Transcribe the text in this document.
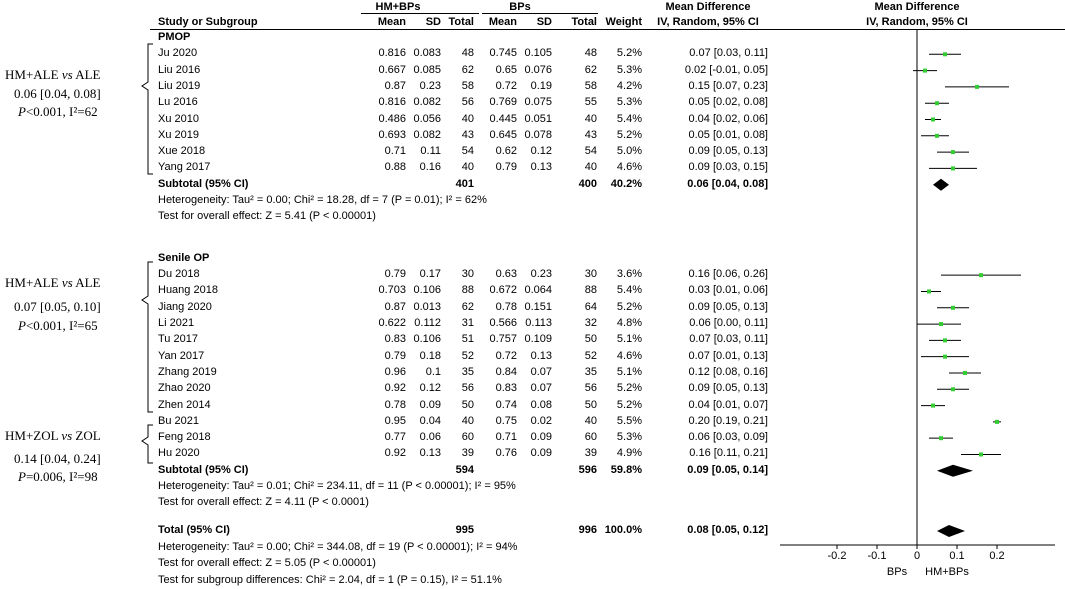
HM+BPs	BPs	Mean Difference	Mean Difference
Study or Subgroup	Mean SD Total Mean SD Total Weight	IV, Random, 95% CI	IV, Random, 95% CI
PMOP
Ju 2020	0.816 0.083 48 0.745 0.105	48 5.2%	0.07 [0.03, 0.11]
Liu 2016	0.667 0.085 62 0.65 0.076	62 5.3%	0.02 [-0.01, 0.05]
Liu 2019	0.87 0.23 58 0.72 0.19	58 4.2%	0.15 [0.07, 0.23]
Lu 2016	0.816 0.082 56 0.769 0.075	55 5.3%	0.05 [0.02, 0.08]
Xu 2010	0.486 0.056 40 0.445 0.051	40 5.4%	0.04 [0.02, 0.06]
Xu 2019	0.693 0.082 43 0.645 0.078	43 5.2%	0.05 [0.01, 0.08]
Xue 2018	0.71 0.11 54 0.62 0.12	54 5.0%	0.09 [0.05, 0.13]
Yang 2017	0.88 0.16 40 0.79 0.13	40 4.6%	0.09 [0.03, 0.15]
Subtotal (95% CI)	401	400 40.2%	0.06 [0.04, 0.08]
Heterogeneity: Tau² = 0.00; Chi² = 18.28, df = 7 (P = 0.01); I² = 62%
Test for overall effect: Z = 5.41 (P < 0.00001)
Senile OP
Du 2018	0.79 0.17 30 0.63 0.23	30 3.6%	0.16 [0.06, 0.26]
Huang 2018	0.703 0.106 88 0.672 0.064	88 5.4%	0.03 [0.01, 0.06]
Jiang 2020	0.87 0.013 62 0.78 0.151	64 5.2%	0.09 [0.05, 0.13]
Li 2021	0.622 0.112 31 0.566 0.113	32 4.8%	0.06 [0.00, 0.11]
Tu 2017	0.83 0.106 51 0.757 0.109	50 5.1%	0.07 [0.03, 0.11]
Yan 2017	0.79 0.18 52 0.72 0.13	52 4.6%	0.07 [0.01, 0.13]
Zhang 2019	0.96 0.1 35 0.84 0.07	35 5.1%	0.12 [0.08, 0.16]
Zhao 2020	0.92 0.12 56 0.83 0.07	56 5.2%	0.09 [0.05, 0.13]
Zhen 2014	0.78 0.09 50 0.74 0.08	50 5.2%	0.04 [0.01, 0.07]
Bu 2021	0.95 0.04 40 0.75 0.02	40 5.5%	0.20 [0.19, 0.21]
Feng 2018	0.77 0.06 60 0.71 0.09	60 5.3%	0.06 [0.03, 0.09]
Hu 2020	0.92 0.13 39 0.76 0.09	39 4.9%	0.16 [0.11, 0.21]
Subtotal (95% CI)	594	596 59.8%	0.09 [0.05, 0.14]
Heterogeneity: Tau² = 0.01; Chi² = 234.11, df = 11 (P < 0.00001); I² = 95%
Test for overall effect: Z = 4.11 (P < 0.0001)
Total (95% CI)	995	996 100.0%	0.08 [0.05, 0.12]
Heterogeneity: Tau² = 0.00; Chi² = 344.08, df = 19 (P < 0.00001); I² = 94%
Test for overall effect: Z = 5.05 (P < 0.00001)
Test for subgroup differences: Chi² = 2.04, df = 1 (P = 0.15), I² = 51.1%
-0.2	-0.1	0	0.1	0.2
BPs	HM+BPs
HM+ALE vs ALE
0.06 [0.04, 0.08]
P<0.001, I²=62
HM+ALE vs ALE
0.07 [0.05, 0.10]
P<0.001, I²=65
HM+ZOL vs ZOL
0.14 [0.04, 0.24]
P=0.006, I²=98
